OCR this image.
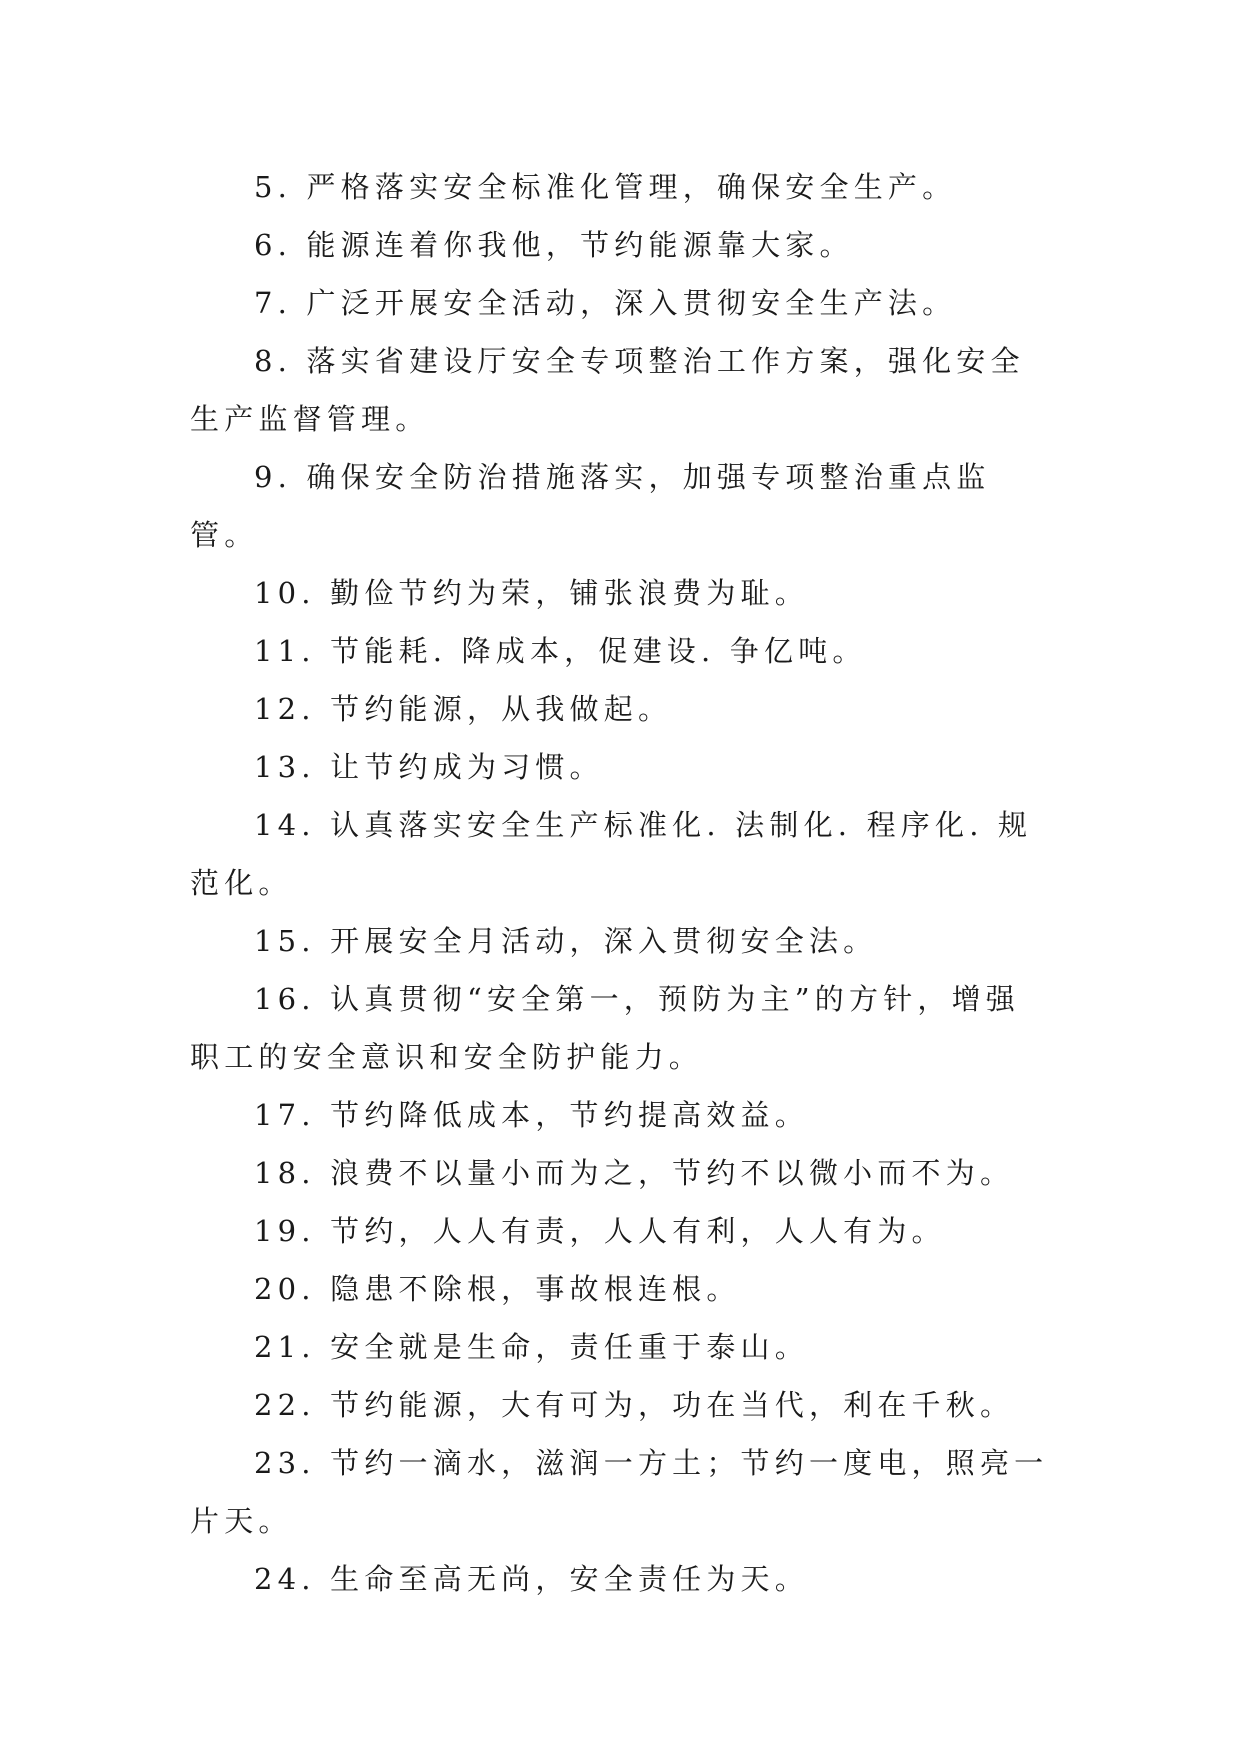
5. 严格落实安全标准化管理，确保安全生产。

6. 能源连着你我他，节约能源靠大家。

7. 广泛开展安全活动，深入贯彻安全生产法。

8. 落实省建设厅安全专项整治工作方案，强化安全生产监督管理。

9. 确保安全防治措施落实，加强专项整治重点监管。

10. 勤俭节约为荣，铺张浪费为耻。

11. 节能耗. 降成本，促建设. 争亿吨。

12. 节约能源，从我做起。

13. 让节约成为习惯。

14. 认真落实安全生产标准化. 法制化. 程序化. 规范化。

15. 开展安全月活动，深入贯彻安全法。

16. 认真贯彻“安全第一，预防为主”的方针，增强职工的安全意识和安全防护能力。

17. 节约降低成本，节约提高效益。

18. 浪费不以量小而为之，节约不以微小而不为。

19. 节约，人人有责，人人有利，人人有为。

20. 隐患不除根，事故根连根。

21. 安全就是生命，责任重于泰山。

22. 节约能源，大有可为，功在当代，利在千秋。

23. 节约一滴水，滋润一方土；节约一度电，照亮一片天。

24. 生命至高无尚，安全责任为天。
